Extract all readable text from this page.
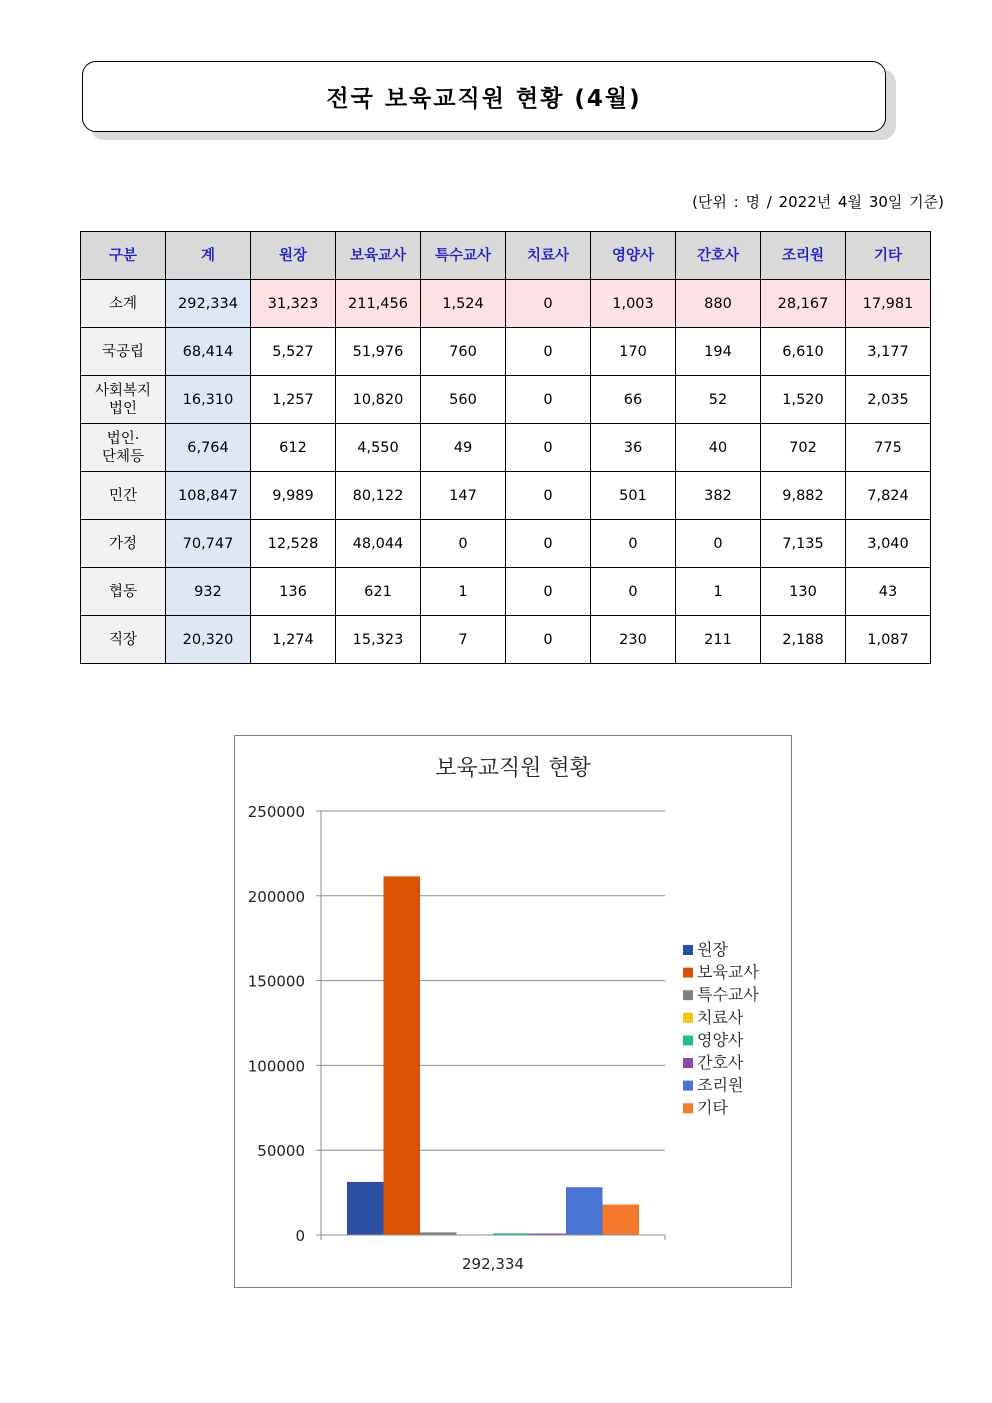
전국 보육교직원 현황 (4월)
(단위 : 명 / 2022년 4월 30일 기준)
구분	계	원장	보육교사	특수교사	치료사	영양사	간호사	조리원	기타
소계	292,334	31,323	211,456	1,524	0	1,003	880	28,167	17,981
국공립	68,414	5,527	51,976	760	0	170	194	6,610	3,177

사회복지
법인	16,310	1,257	10,820	560	0	66	52	1,520	2,035

법인·
단체등	6,764	612	4,550	49	0	36	40	702	775
민간	108,847	9,989	80,122	147	0	501	382	9,882	7,824
가정	70,747	12,528	48,044	0	0	0	0	7,135	3,040
협동	932	136	621	1	0	0	1	130	43
직장	20,320	1,274	15,323	7	0	230	211	2,188	1,087
보육교직원 현황
0
50000
100000
150000
200000
250000
292,334
원장
보육교사
특수교사
치료사
영양사
간호사
조리원
기타
